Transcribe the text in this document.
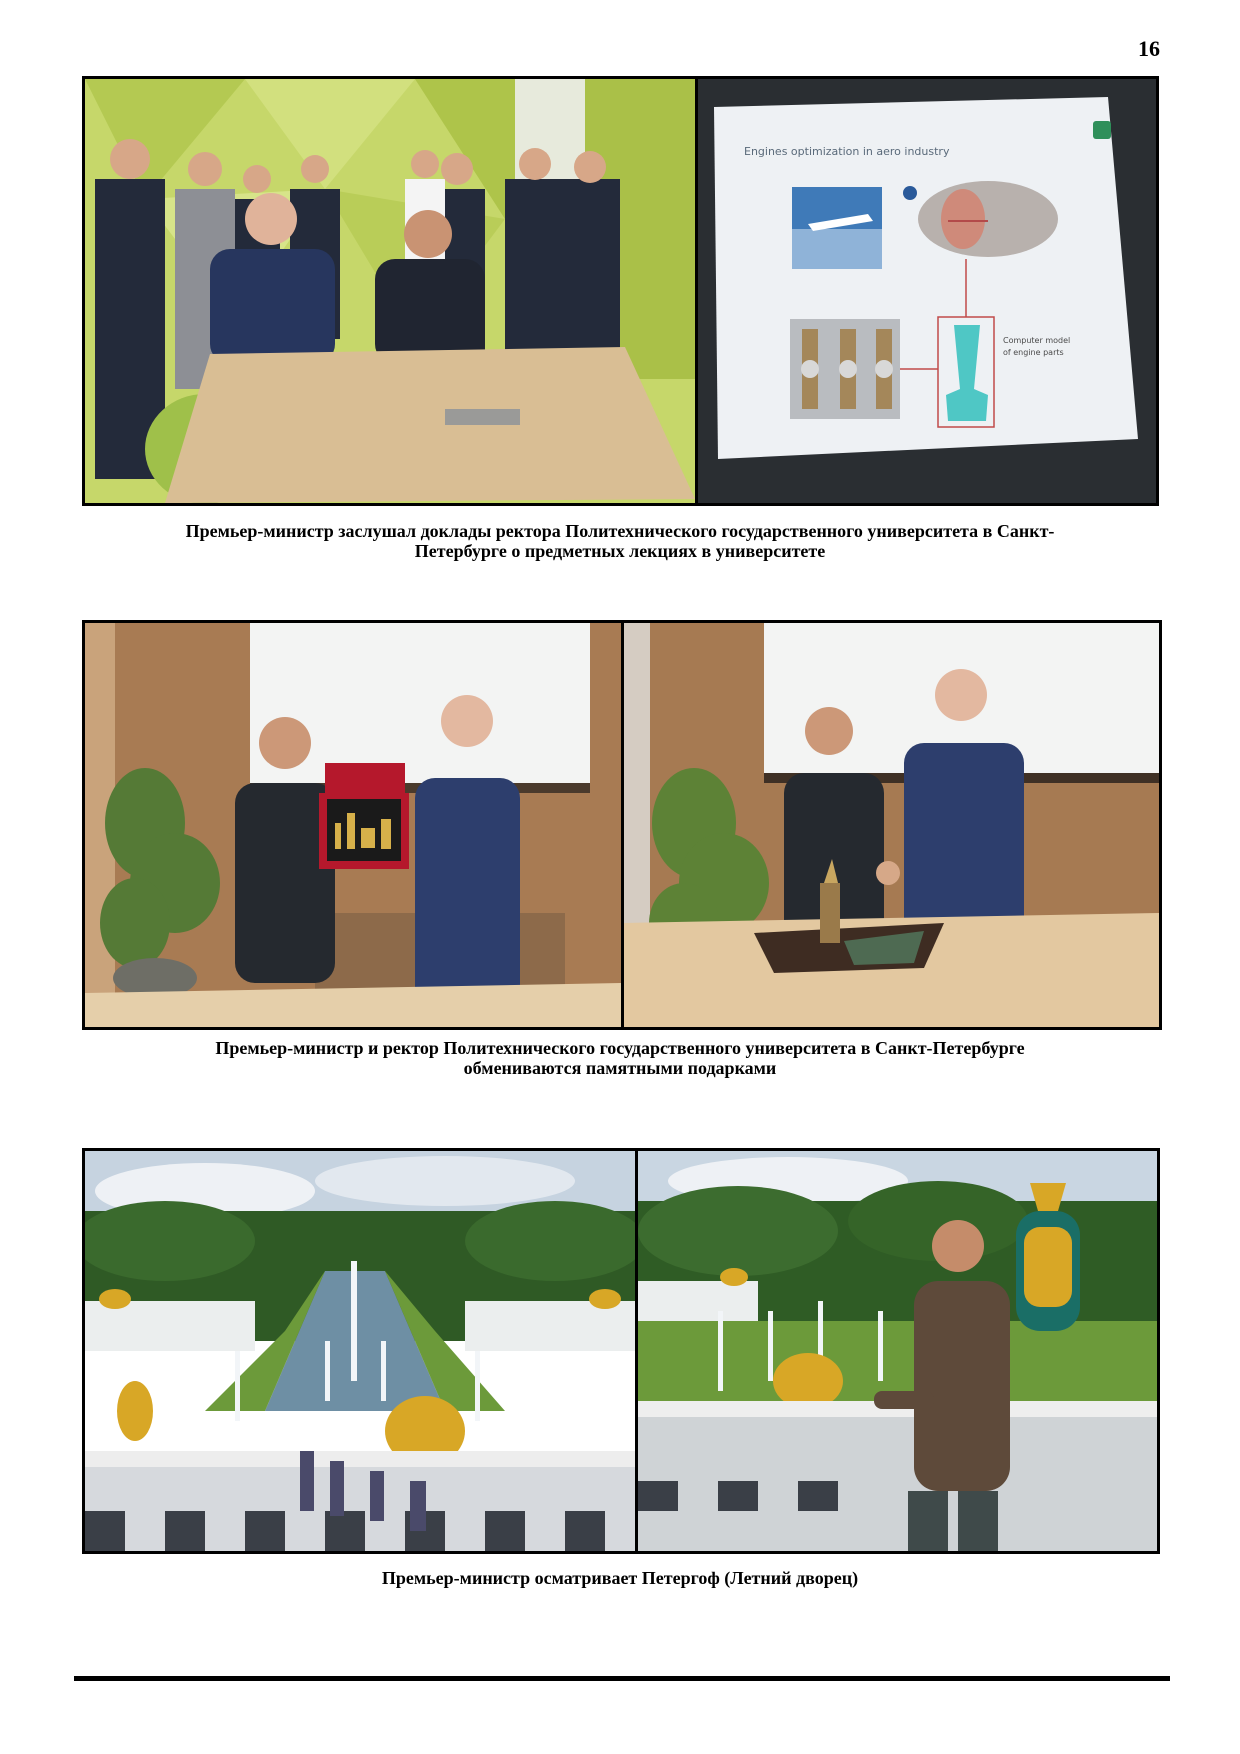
16
Engines optimization in aero industry
Computer model
of engine parts
Премьер-министр заслушал доклады ректора Политехнического государственного университета в Санкт-
Петербурге о предметных лекциях в университете
Премьер-министр и ректор Политехнического государственного университета в Санкт-Петербурге
обмениваются памятными подарками
Премьер-министр осматривает Петергоф (Летний дворец)
